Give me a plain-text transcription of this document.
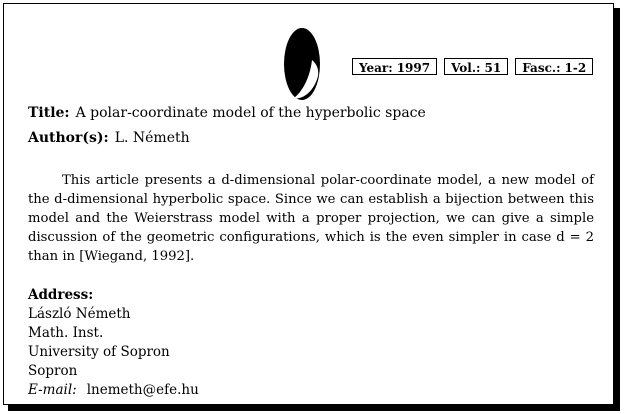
Year: 1997	Vol.: 51	Fasc.: 1-2
Title: A polar-coordinate model of the hyperbolic space
Author(s): L. Németh

This article presents a d-dimensional polar-coordinate model, a new model of the d-dimensional hyperbolic space. Since we can establish a bijection between this model and the Weierstrass model with a proper projection, we can give a simple discussion of the geometric configurations, which is the even simpler in case d = 2 than in [Wiegand, 1992].

Address:
László Németh
Math. Inst.
University of Sopron
Sopron
E-mail: lnemeth@efe.hu
